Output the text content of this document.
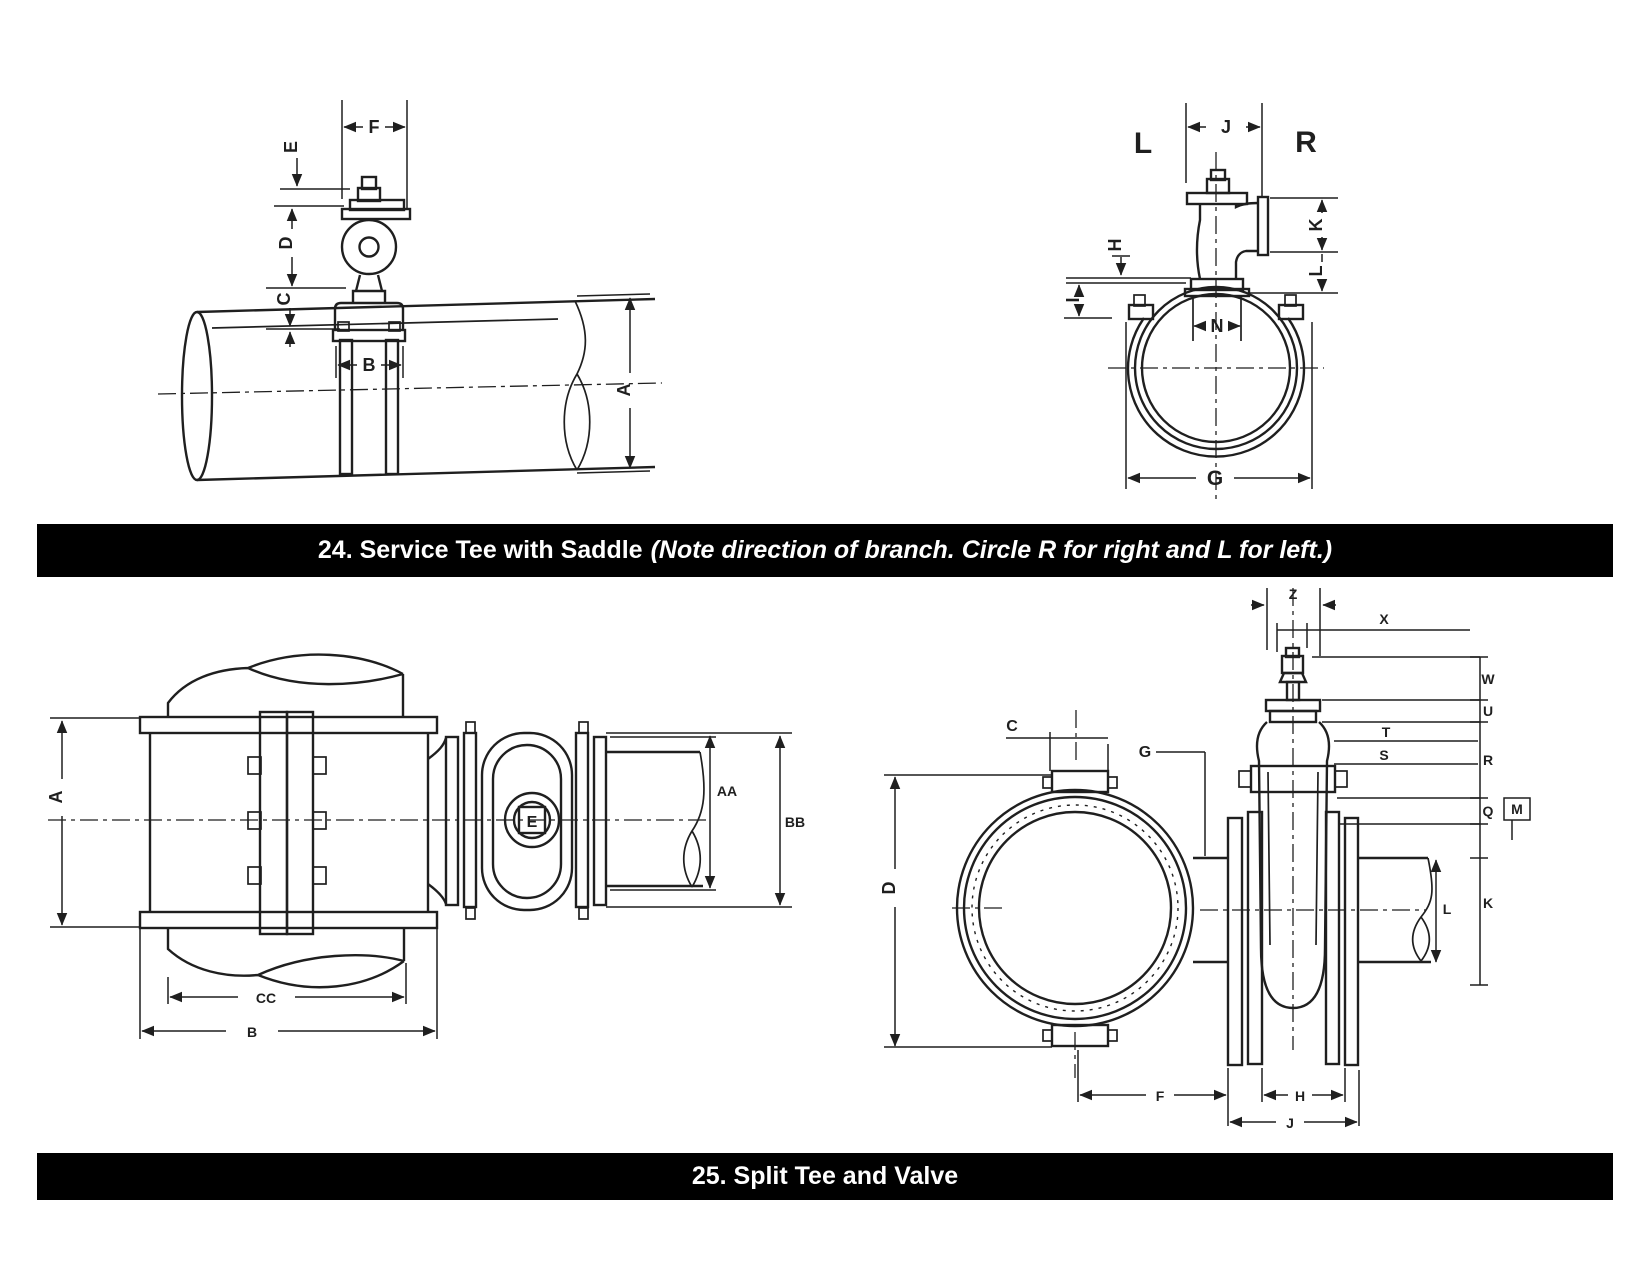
F
E
D
C
B
A
J
L	R
K
L
H
I
N
G
24. Service Tee with Saddle (Note direction of branch. Circle R for right and L for left.)
E
A	AA
BB
CC
B
C
D
G
Z
X
W
U
R
Q
K
M
T
S
L
F	H
J
25. Split Tee and Valve
